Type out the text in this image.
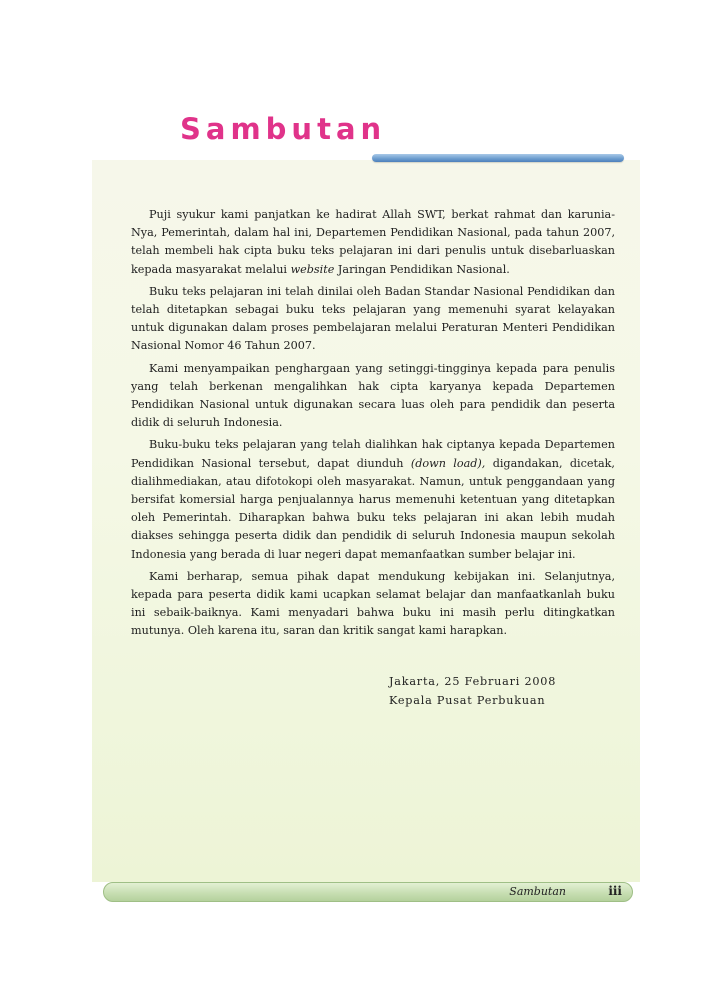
Sambutan

Puji syukur kami panjatkan ke hadirat Allah SWT, berkat rahmat dan karunia-Nya, Pemerintah, dalam hal ini, Departemen Pendidikan Nasional, pada tahun 2007, telah membeli hak cipta buku teks pelajaran ini dari penulis untuk disebarluaskan kepada masyarakat melalui website Jaringan Pendidikan Nasional.

Buku teks pelajaran ini telah dinilai oleh Badan Standar Nasional Pendidikan dan telah ditetapkan sebagai buku teks pelajaran yang memenuhi syarat kelayakan untuk digunakan dalam proses pembelajaran melalui Peraturan Menteri Pendidikan Nasional Nomor 46 Tahun 2007.

Kami menyampaikan penghargaan yang setinggi-tingginya kepada para penulis yang telah berkenan mengalihkan hak cipta karyanya kepada Departemen Pendidikan Nasional untuk digunakan secara luas oleh para pendidik dan peserta didik di seluruh Indonesia.

Buku-buku teks pelajaran yang telah dialihkan hak ciptanya kepada Departemen Pendidikan Nasional tersebut, dapat diunduh (down load), digandakan, dicetak, dialihmediakan, atau difotokopi oleh masyarakat. Namun, untuk penggandaan yang bersifat komersial harga penjualannya harus memenuhi ketentuan yang ditetapkan oleh Pemerintah. Diharapkan bahwa buku teks pelajaran ini akan lebih mudah diakses sehingga peserta didik dan pendidik di seluruh Indonesia maupun sekolah Indonesia yang berada di luar negeri dapat memanfaatkan sumber belajar ini.

Kami berharap, semua pihak dapat mendukung kebijakan ini. Selanjutnya, kepada para peserta didik kami ucapkan selamat belajar dan manfaatkanlah buku ini sebaik-baiknya. Kami menyadari bahwa buku ini masih perlu ditingkatkan mutunya. Oleh karena itu, saran dan kritik sangat kami harapkan.

Jakarta, 25 Februari 2008
Kepala Pusat Perbukuan
Sambutan	iii
